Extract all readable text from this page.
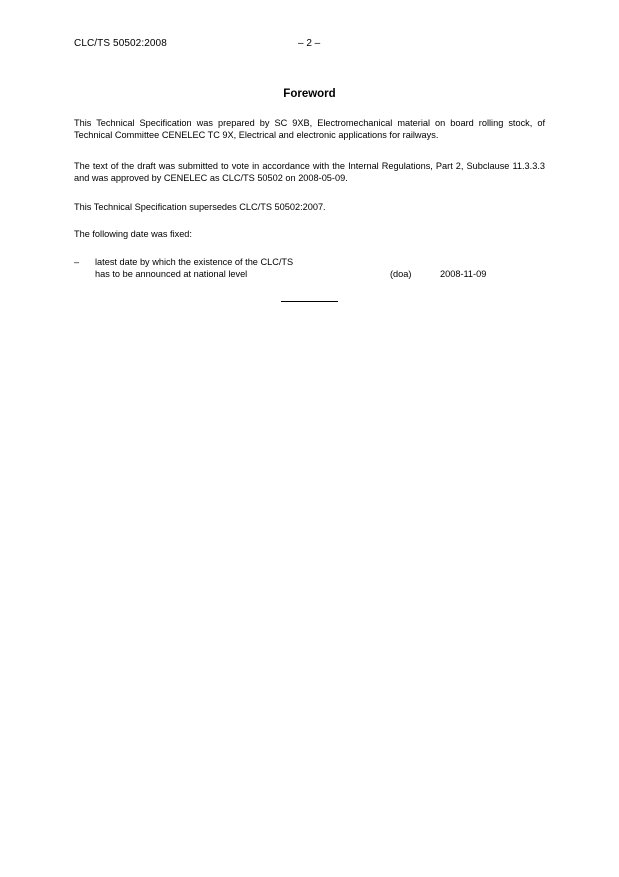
CLC/TS 50502:2008	– 2 –
Foreword
This Technical Specification was prepared by SC 9XB, Electromechanical material on board rolling stock, of Technical Committee CENELEC TC 9X, Electrical and electronic applications for railways.
The text of the draft was submitted to vote in accordance with the Internal Regulations, Part 2, Subclause 11.3.3.3 and was approved by CENELEC as CLC/TS 50502 on 2008-05-09.
This Technical Specification supersedes CLC/TS 50502:2007.
The following date was fixed:
– latest date by which the existence of the CLC/TS
has to be announced at national level	(doa)	2008-11-09
